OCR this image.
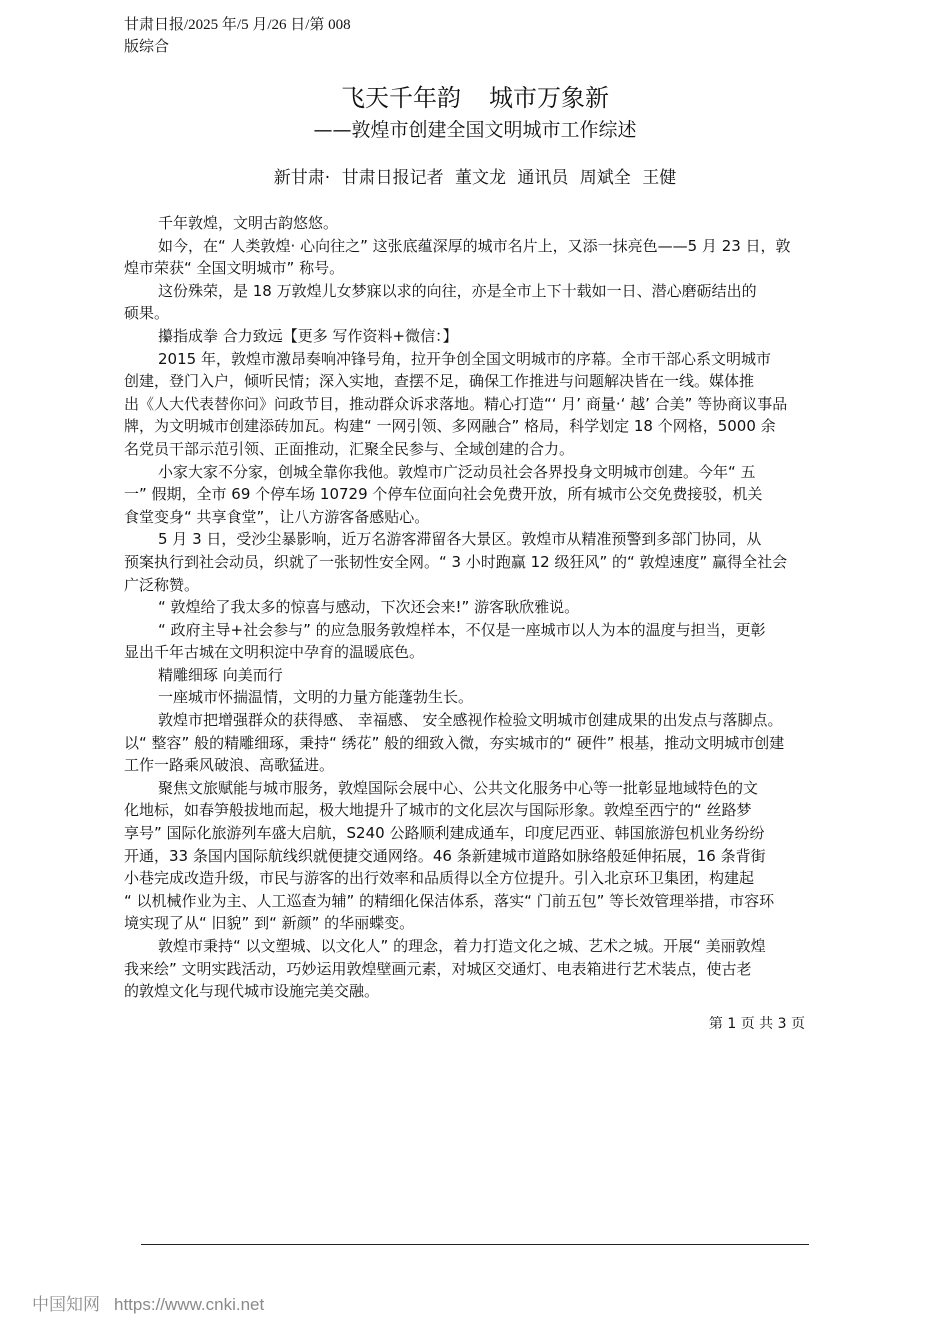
甘肃日报/2025 年/5 月/26 日/第 008
版综合
飞天千年韵 城市万象新
——敦煌市创建全国文明城市工作综述
新甘肃· 甘肃日报记者 董文龙 通讯员 周斌全 王健
千年敦煌，文明古韵悠悠。
如今，在“ 人类敦煌· 心向往之” 这张底蕴深厚的城市名片上，又添一抹亮色——5 月 23 日，敦
煌市荣获“ 全国文明城市” 称号。
这份殊荣，是 18 万敦煌儿女梦寐以求的向往，亦是全市上下十载如一日、潜心磨砺结出的
硕果。
攥指成拳 合力致远【更多 写作资料+微信：】
2015 年，敦煌市激昂奏响冲锋号角，拉开争创全国文明城市的序幕。全市干部心系文明城市
创建，登门入户，倾听民情；深入实地，查摆不足，确保工作推进与问题解决皆在一线。媒体推
出《人大代表替你问》问政节目，推动群众诉求落地。精心打造“‘ 月’ 商量·‘ 越’ 合美” 等协商议事品
牌，为文明城市创建添砖加瓦。构建“ 一网引领、多网融合” 格局，科学划定 18 个网格，5000 余
名党员干部示范引领、正面推动，汇聚全民参与、全域创建的合力。
小家大家不分家，创城全靠你我他。敦煌市广泛动员社会各界投身文明城市创建。今年“ 五
一” 假期，全市 69 个停车场 10729 个停车位面向社会免费开放，所有城市公交免费接驳，机关
食堂变身“ 共享食堂”，让八方游客备感贴心。
5 月 3 日，受沙尘暴影响，近万名游客滞留各大景区。敦煌市从精准预警到多部门协同，从
预案执行到社会动员，织就了一张韧性安全网。“ 3 小时跑赢 12 级狂风” 的“ 敦煌速度” 赢得全社会
广泛称赞。
“ 敦煌给了我太多的惊喜与感动，下次还会来!” 游客耿欣雅说。
“ 政府主导+社会参与” 的应急服务敦煌样本，不仅是一座城市以人为本的温度与担当，更彰
显出千年古城在文明积淀中孕育的温暖底色。
精雕细琢 向美而行
一座城市怀揣温情，文明的力量方能蓬勃生长。
敦煌市把增强群众的获得感、 幸福感、 安全感视作检验文明城市创建成果的出发点与落脚点。
以“ 整容” 般的精雕细琢，秉持“ 绣花” 般的细致入微，夯实城市的“ 硬件” 根基，推动文明城市创建
工作一路乘风破浪、高歌猛进。
聚焦文旅赋能与城市服务，敦煌国际会展中心、公共文化服务中心等一批彰显地域特色的文
化地标，如春笋般拔地而起，极大地提升了城市的文化层次与国际形象。敦煌至西宁的“ 丝路梦
享号” 国际化旅游列车盛大启航，S240 公路顺利建成通车，印度尼西亚、韩国旅游包机业务纷纷
开通，33 条国内国际航线织就便捷交通网络。46 条新建城市道路如脉络般延伸拓展，16 条背街
小巷完成改造升级，市民与游客的出行效率和品质得以全方位提升。引入北京环卫集团，构建起
“ 以机械作业为主、人工巡查为辅” 的精细化保洁体系，落实“ 门前五包” 等长效管理举措，市容环
境实现了从“ 旧貌” 到“ 新颜” 的华丽蝶变。
敦煌市秉持“ 以文塑城、以文化人” 的理念，着力打造文化之城、艺术之城。开展“ 美丽敦煌
我来绘” 文明实践活动，巧妙运用敦煌壁画元素，对城区交通灯、电表箱进行艺术装点，使古老
的敦煌文化与现代城市设施完美交融。
第 1 页 共 3 页
中国知网 https://www.cnki.net
